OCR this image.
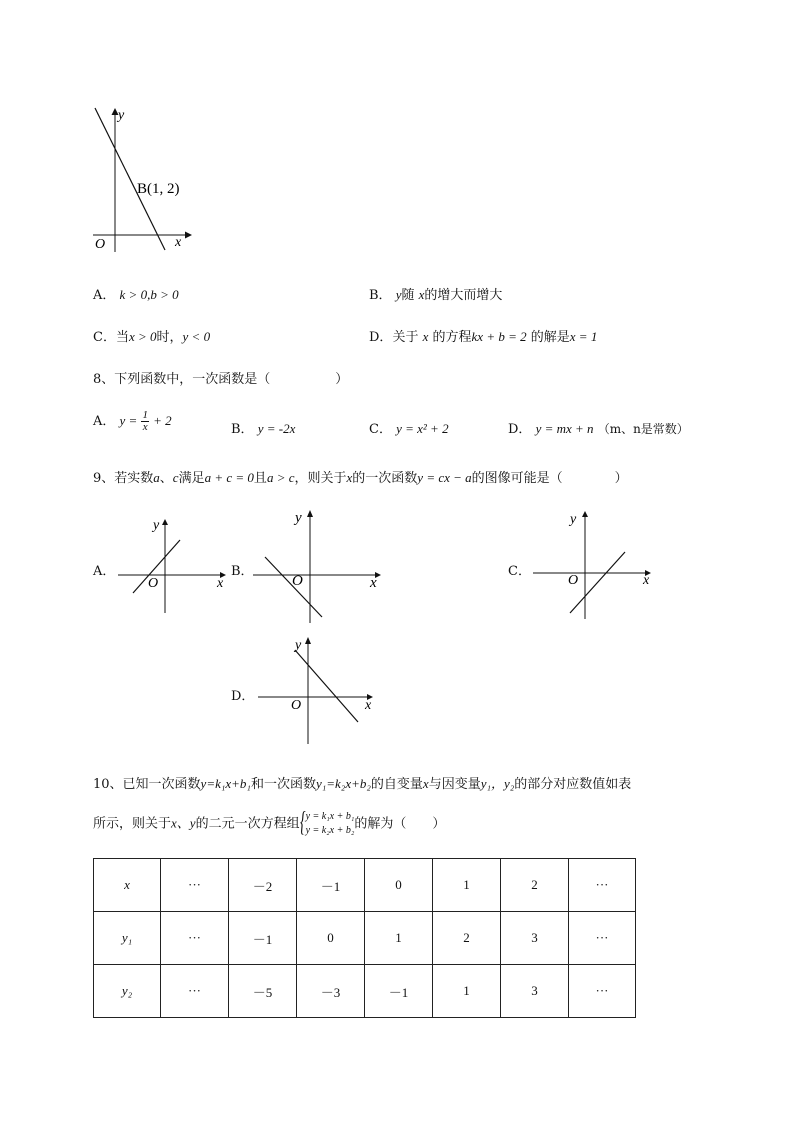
y
x
O
B(1, 2)
A． k > 0,b > 0	B． y随 x的增大而增大
C．当x > 0时，y < 0	D．关于 x 的方程kx + b = 2 的解是x = 1
8、下列函数中，一次函数是（　　　　　）
A． $y = \frac{1}{x} + 2$
B． y = -2x	C． y = x² + 2	D． y = mx + n （m、n是常数）
9、若实数a、c满足a + c = 0且a > c，则关于x的一次函数y = cx − a的图像可能是（　　　　）
A．
y
x
O
B．
y
x
O
C．
y
x
O
D．
y
x
O
10、已知一次函数y=k₁x+b₁和一次函数y₁=k₂x+b₂的自变量x与因变量y₁，y₂的部分对应数值如表
所示，则关于x、y的二元一次方程组 { y = k₁x + b₁
y = k₂x + b₂ 的解为（　　）
x	···	－2	－1	0	1	2	···
y₁	···	－1	0	1	2	3	···
y₂	···	－5	－3	－1	1	3	···
